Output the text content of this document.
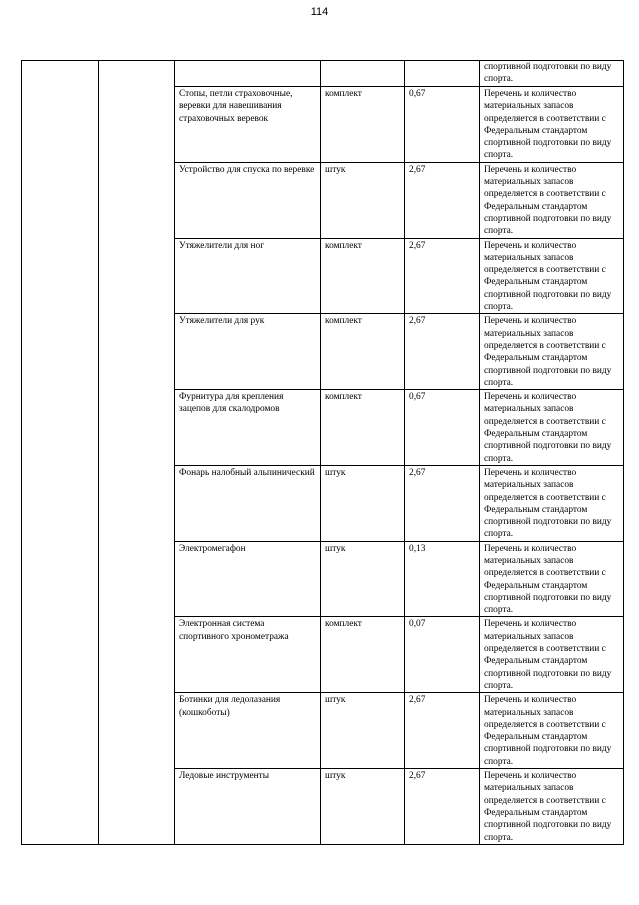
114
					спортивной подготовки по виду спорта.
		Стопы, петли страховочные, веревки для навешивания страховочных веревок	комплект	0,67	Перечень и количество материальных запасов определяется в соответствии с Федеральным стандартом спортивной подготовки по виду спорта.
		Устройство для спуска по веревке	штук	2,67	Перечень и количество материальных запасов определяется в соответствии с Федеральным стандартом спортивной подготовки по виду спорта.
		Утяжелители для ног	комплект	2,67	Перечень и количество материальных запасов определяется в соответствии с Федеральным стандартом спортивной подготовки по виду спорта.
		Утяжелители для рук	комплект	2,67	Перечень и количество материальных запасов определяется в соответствии с Федеральным стандартом спортивной подготовки по виду спорта.
		Фурнитура для крепления зацепов для скалодромов	комплект	0,67	Перечень и количество материальных запасов определяется в соответствии с Федеральным стандартом спортивной подготовки по виду спорта.
		Фонарь налобный альпинический	штук	2,67	Перечень и количество материальных запасов определяется в соответствии с Федеральным стандартом спортивной подготовки по виду спорта.
		Электромегафон	штук	0,13	Перечень и количество материальных запасов определяется в соответствии с Федеральным стандартом спортивной подготовки по виду спорта.
		Электронная система спортивного хронометража	комплект	0,07	Перечень и количество материальных запасов определяется в соответствии с Федеральным стандартом спортивной подготовки по виду спорта.
		Ботинки для ледолазания (кошкоботы)	штук	2,67	Перечень и количество материальных запасов определяется в соответствии с Федеральным стандартом спортивной подготовки по виду спорта.
		Ледовые инструменты	штук	2,67	Перечень и количество материальных запасов определяется в соответствии с Федеральным стандартом спортивной подготовки по виду спорта.
